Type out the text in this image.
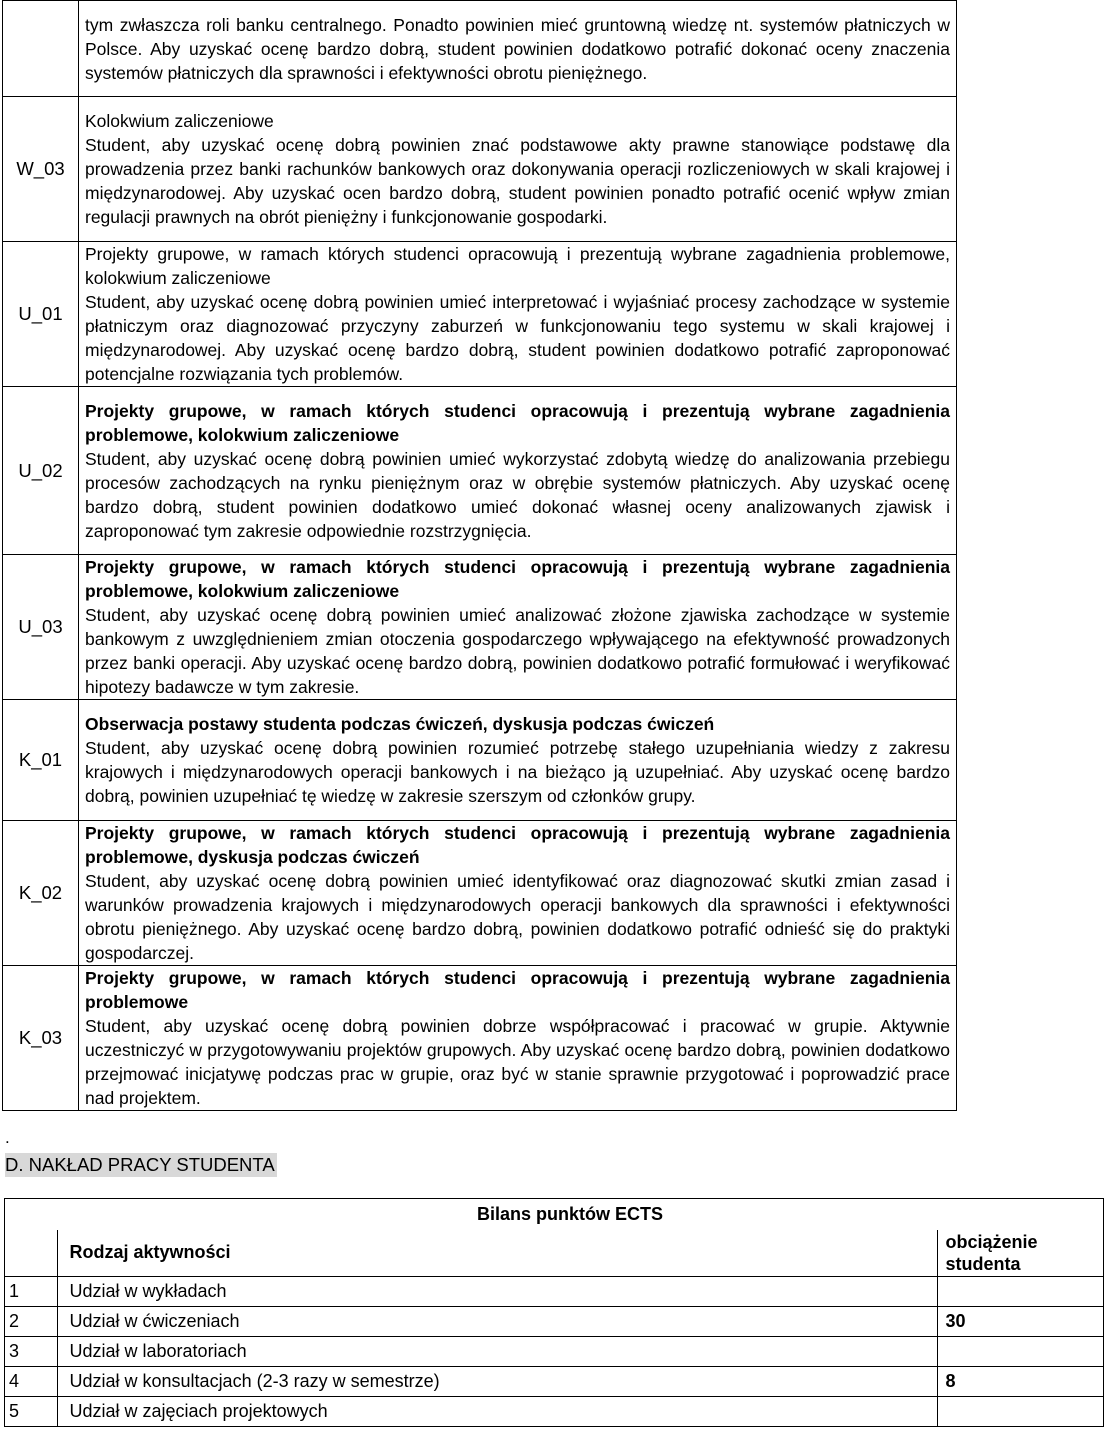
	tym zwłaszcza roli banku centralnego. Ponadto powinien mieć gruntowną wiedzę nt. systemów płatniczych w Polsce. Aby uzyskać ocenę bardzo dobrą, student powinien dodatkowo potrafić dokonać oceny znaczenia systemów płatniczych dla sprawności i efektywności obrotu pieniężnego.

W_03	Kolokwium zaliczeniowe
Student, aby uzyskać ocenę dobrą powinien znać podstawowe akty prawne stanowiące podstawę dla prowadzenia przez banki rachunków bankowych oraz dokonywania operacji rozliczeniowych w skali krajowej i międzynarodowej. Aby uzyskać ocen bardzo dobrą, student powinien ponadto potrafić ocenić wpływ zmian regulacji prawnych na obrót pieniężny i funkcjonowanie gospodarki.

U_01	Projekty grupowe, w ramach których studenci opracowują i prezentują wybrane zagadnienia problemowe, kolokwium zaliczeniowe
Student, aby uzyskać ocenę dobrą powinien umieć interpretować i wyjaśniać procesy zachodzące w systemie płatniczym oraz diagnozować przyczyny zaburzeń w funkcjonowaniu tego systemu w skali krajowej i międzynarodowej. Aby uzyskać ocenę bardzo dobrą, student powinien dodatkowo potrafić zaproponować potencjalne rozwiązania tych problemów.

U_02	Projekty grupowe, w ramach których studenci opracowują i prezentują wybrane zagadnienia problemowe, kolokwium zaliczeniowe
Student, aby uzyskać ocenę dobrą powinien umieć wykorzystać zdobytą wiedzę do analizowania przebiegu procesów zachodzących na rynku pieniężnym oraz w obrębie systemów płatniczych. Aby uzyskać ocenę bardzo dobrą, student powinien dodatkowo umieć dokonać własnej oceny analizowanych zjawisk i zaproponować tym zakresie odpowiednie rozstrzygnięcia.

U_03	Projekty grupowe, w ramach których studenci opracowują i prezentują wybrane zagadnienia problemowe, kolokwium zaliczeniowe
Student, aby uzyskać ocenę dobrą powinien umieć analizować złożone zjawiska zachodzące w systemie bankowym z uwzględnieniem zmian otoczenia gospodarczego wpływającego na efektywność prowadzonych przez banki operacji. Aby uzyskać ocenę bardzo dobrą, powinien dodatkowo potrafić formułować i weryfikować hipotezy badawcze w tym zakresie.

K_01	Obserwacja postawy studenta podczas ćwiczeń, dyskusja podczas ćwiczeń
Student, aby uzyskać ocenę dobrą powinien rozumieć potrzebę stałego uzupełniania wiedzy z zakresu krajowych i międzynarodowych operacji bankowych i na bieżąco ją uzupełniać. Aby uzyskać ocenę bardzo dobrą, powinien uzupełniać tę wiedzę w zakresie szerszym od członków grupy.

K_02	Projekty grupowe, w ramach których studenci opracowują i prezentują wybrane zagadnienia problemowe, dyskusja podczas ćwiczeń
Student, aby uzyskać ocenę dobrą powinien umieć identyfikować oraz diagnozować skutki zmian zasad i warunków prowadzenia krajowych i międzynarodowych operacji bankowych dla sprawności i efektywności obrotu pieniężnego. Aby uzyskać ocenę bardzo dobrą, powinien dodatkowo potrafić odnieść się do praktyki gospodarczej.

K_03	Projekty grupowe, w ramach których studenci opracowują i prezentują wybrane zagadnienia problemowe
Student, aby uzyskać ocenę dobrą powinien dobrze współpracować i pracować w grupie. Aktywnie uczestniczyć w przygotowywaniu projektów grupowych. Aby uzyskać ocenę bardzo dobrą, powinien dodatkowo przejmować inicjatywę podczas prac w grupie, oraz być w stanie sprawnie przygotować i poprowadzić prace nad projektem.
.
D. NAKŁAD PRACY STUDENTA
	Bilans punktów ECTS	
	Rodzaj aktywności	obciążenie studenta
1	Udział w wykładach	
2	Udział w ćwiczeniach	30
3	Udział w laboratoriach	
4	Udział w konsultacjach (2-3 razy w semestrze)	8
5	Udział w zajęciach projektowych	
